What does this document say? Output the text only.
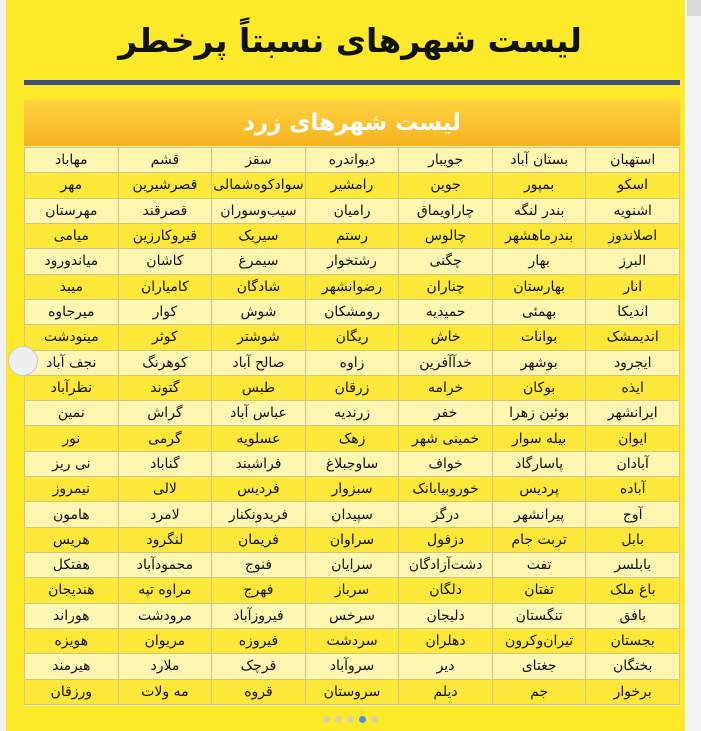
لیست شهرهای نسبتاً پرخطر
لیست شهرهای زرد
استهبان	بستان آباد	جویبار	دیواندره	سقز	قشم	مهاباد
اسکو	بمپور	جوین	رامشیر	سوادکوه‌شمالی	قصرشیرین	مهر
اشنویه	بندر لنگه	چاراویماق	رامیان	سیب‌وسوران	قصرقند	مهرستان
اصلاندوز	بندرماهشهر	چالوس	رستم	سیریک	قیروکارزین	میامی
البرز	بهار	چگنی	رشتخوار	سیمرغ	کاشان	میاندورود
انار	بهارستان	چناران	رضوانشهر	شادگان	کامیاران	میبد
اندیکا	بهمئی	حمیدیه	رومشکان	شوش	کوار	میرجاوه
اندیمشک	بوانات	خاش	ریگان	شوشتر	کوثر	مینودشت
ایجرود	بوشهر	خدآآفرین	زاوه	صالح آباد	کوهرنگ	نجف آباد
ایذه	بوکان	خرامه	زرقان	طبس	گتوند	نظرآباد
ایرانشهر	بوئین زهرا	خفر	زرندیه	عباس آباد	گراش	نمین
ایوان	بیله سوار	خمینی شهر	زهک	عسلویه	گرمی	نور
آبادان	پاسارگاد	خواف	ساوجبلاغ	فراشبند	گناباد	نی ریز
آباده	پردیس	خورو‌بیابانک	سبزوار	فردیس	لالی	نیمروز
آوج	پیرانشهر	درگز	سپیدان	فریدونکنار	لامرد	هامون
بابل	تربت جام	دزفول	سراوان	فریمان	لنگرود	هریس
بابلسر	تفت	دشت‌آزادگان	سرایان	فنوج	محمودآباد	هفتکل
باغ ملک	تفتان	دلگان	سرباز	فهرج	مراوه تپه	هندیجان
بافق	تنگستان	دلیجان	سرخس	فیروزآباد	مرودشت	هوراند
بجستان	تیران‌وکرون	دهلران	سردشت	فیروزه	مریوان	هویزه
بختگان	جغتای	دیر	سروآباد	قرچک	ملارد	هیرمند
برخوار	جم	دیلم	سروستان	قروه	مه ولات	ورزقان
